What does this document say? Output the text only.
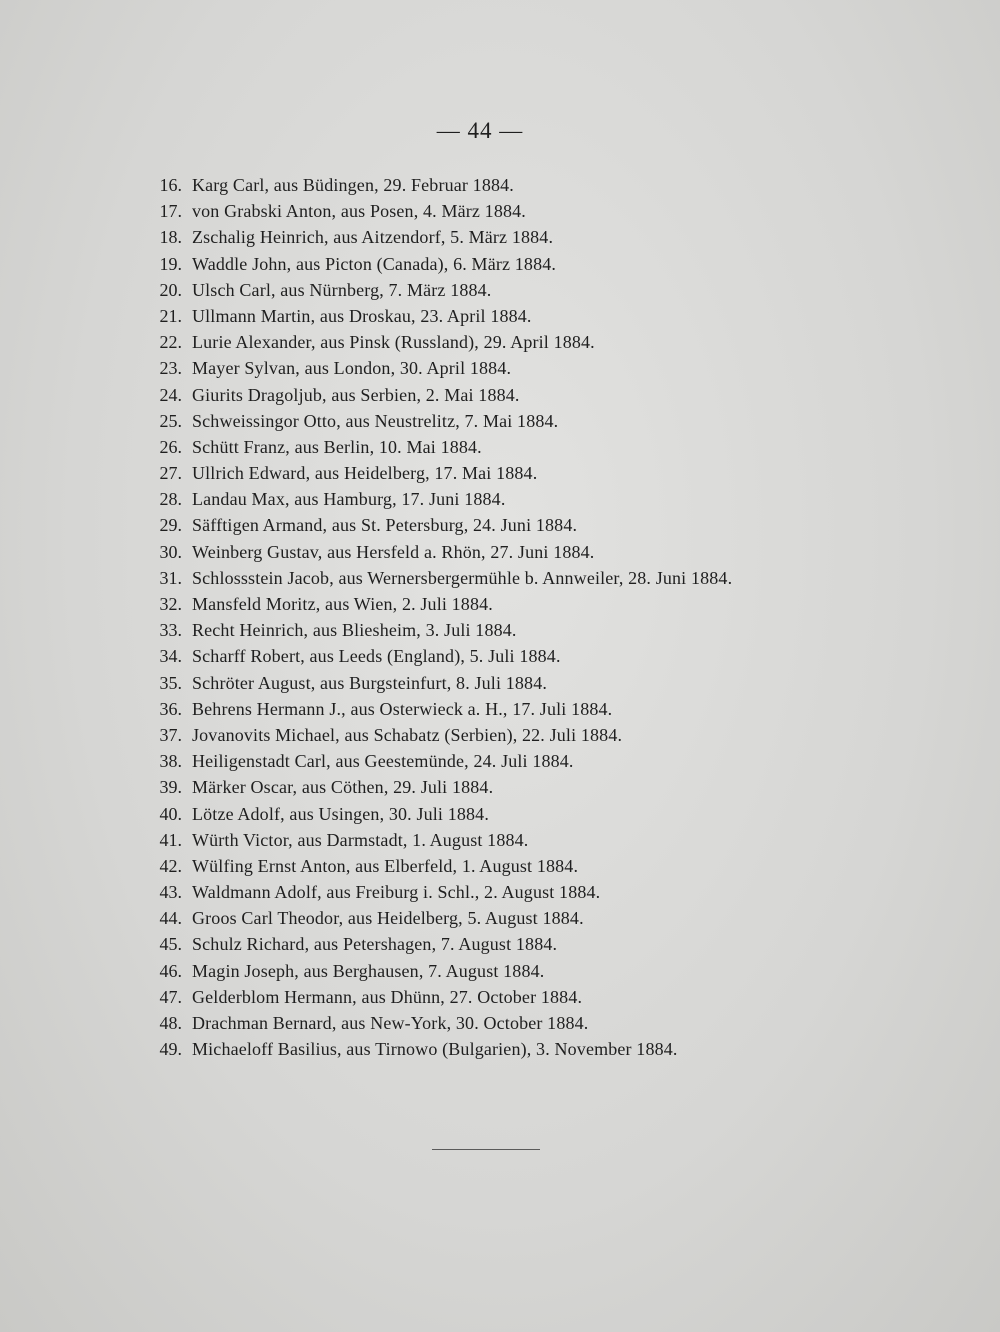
— 44 —
16. Karg Carl, aus Büdingen, 29. Februar 1884.
17. von Grabski Anton, aus Posen, 4. März 1884.
18. Zschalig Heinrich, aus Aitzendorf, 5. März 1884.
19. Waddle John, aus Picton (Canada), 6. März 1884.
20. Ulsch Carl, aus Nürnberg, 7. März 1884.
21. Ullmann Martin, aus Droskau, 23. April 1884.
22. Lurie Alexander, aus Pinsk (Russland), 29. April 1884.
23. Mayer Sylvan, aus London, 30. April 1884.
24. Giurits Dragoljub, aus Serbien, 2. Mai 1884.
25. Schweissingor Otto, aus Neustrelitz, 7. Mai 1884.
26. Schütt Franz, aus Berlin, 10. Mai 1884.
27. Ullrich Edward, aus Heidelberg, 17. Mai 1884.
28. Landau Max, aus Hamburg, 17. Juni 1884.
29. Säfftigen Armand, aus St. Petersburg, 24. Juni 1884.
30. Weinberg Gustav, aus Hersfeld a. Rhön, 27. Juni 1884.
31. Schlossstein Jacob, aus Wernersbergermühle b. Annweiler, 28. Juni 1884.
32. Mansfeld Moritz, aus Wien, 2. Juli 1884.
33. Recht Heinrich, aus Bliesheim, 3. Juli 1884.
34. Scharff Robert, aus Leeds (England), 5. Juli 1884.
35. Schröter August, aus Burgsteinfurt, 8. Juli 1884.
36. Behrens Hermann J., aus Osterwieck a. H., 17. Juli 1884.
37. Jovanovits Michael, aus Schabatz (Serbien), 22. Juli 1884.
38. Heiligenstadt Carl, aus Geestemünde, 24. Juli 1884.
39. Märker Oscar, aus Cöthen, 29. Juli 1884.
40. Lötze Adolf, aus Usingen, 30. Juli 1884.
41. Würth Victor, aus Darmstadt, 1. August 1884.
42. Wülfing Ernst Anton, aus Elberfeld, 1. August 1884.
43. Waldmann Adolf, aus Freiburg i. Schl., 2. August 1884.
44. Groos Carl Theodor, aus Heidelberg, 5. August 1884.
45. Schulz Richard, aus Petershagen, 7. August 1884.
46. Magin Joseph, aus Berghausen, 7. August 1884.
47. Gelderblom Hermann, aus Dhünn, 27. October 1884.
48. Drachman Bernard, aus New-York, 30. October 1884.
49. Michaeloff Basilius, aus Tirnowo (Bulgarien), 3. November 1884.
